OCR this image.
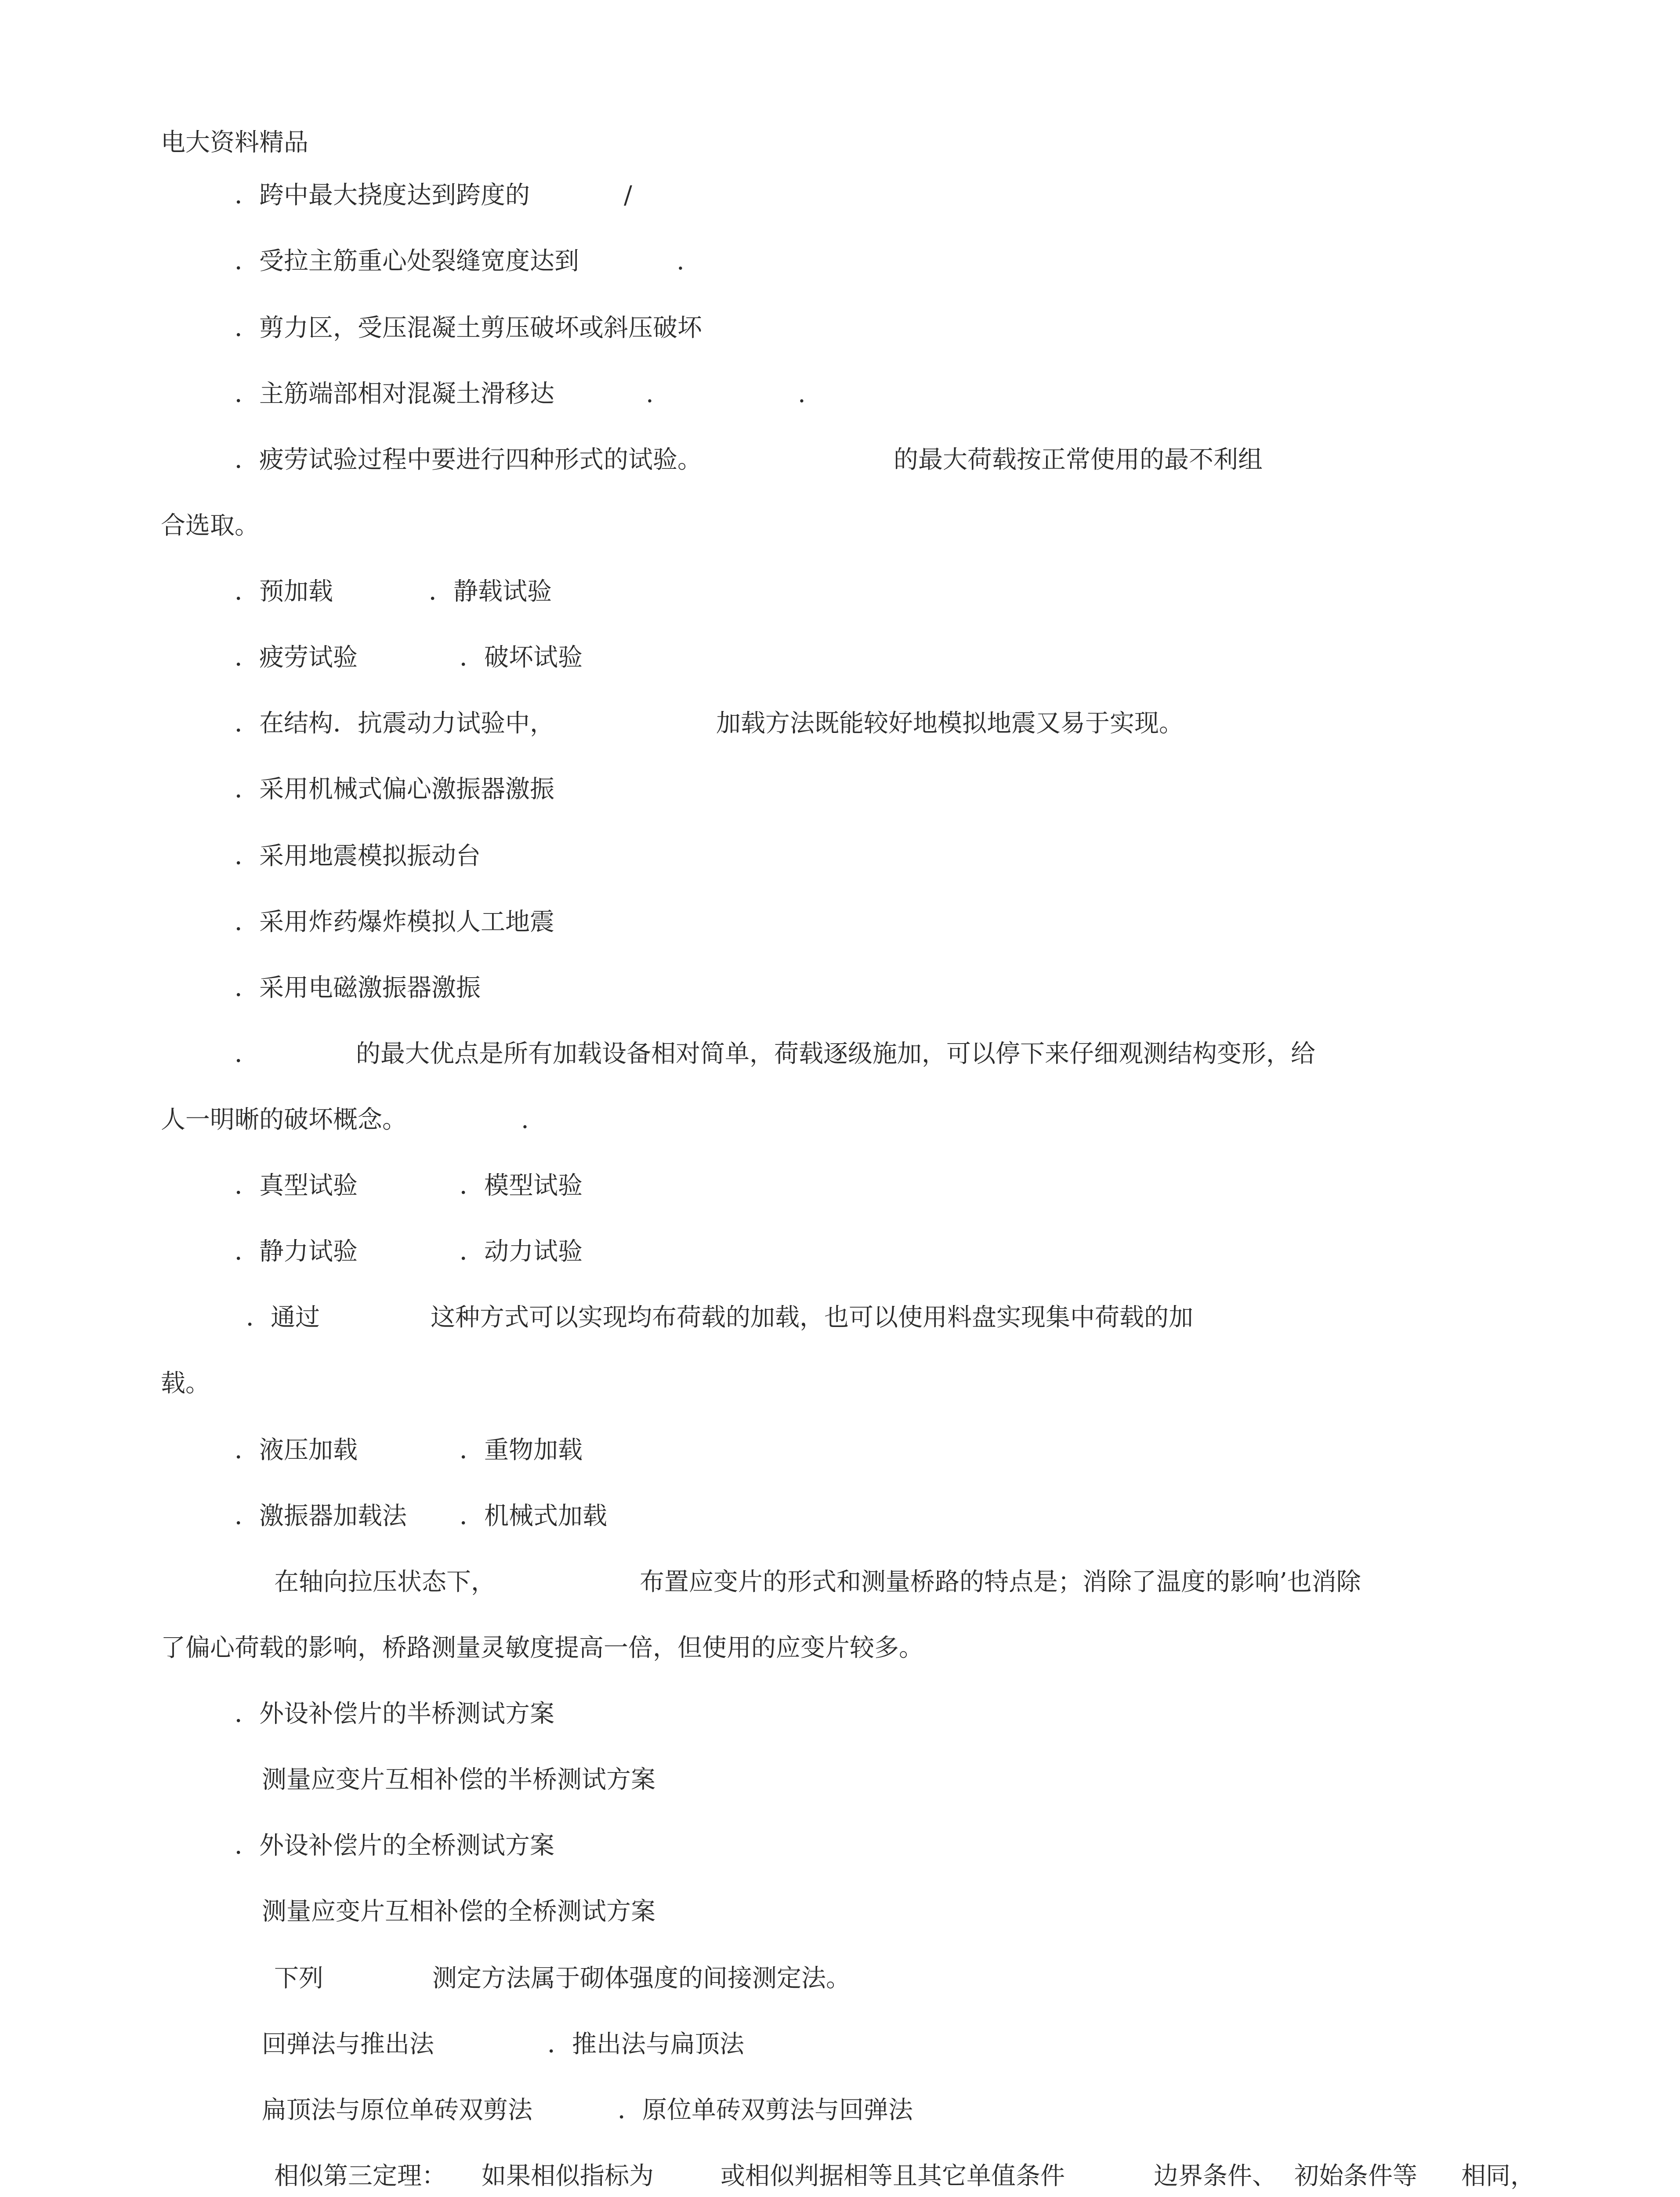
电大资料精品
．跨中最大挠度达到跨度的	/
．受拉主筋重心处裂缝宽度达到	.
．剪力区，受压混凝土剪压破坏或斜压破坏
．主筋端部相对混凝土滑移达	.	.
．疲劳试验过程中要进行四种形式的试验。	的最大荷载按正常使用的最不利组
合选取。
．预加载	．静载试验
．疲劳试验	．破坏试验
．在结构．抗震动力试验中，	加载方法既能较好地模拟地震又易于实现。
．采用机械式偏心激振器激振
．采用地震模拟振动台
．采用炸药爆炸模拟人工地震
．采用电磁激振器激振
．	的最大优点是所有加载设备相对简单，荷载逐级施加，可以停下来仔细观测结构变形，给
人一明晰的破坏概念。	.
．真型试验	．模型试验
．静力试验	．动力试验
．通过	这种方式可以实现均布荷载的加载，也可以使用料盘实现集中荷载的加
载。
．液压加载	．重物加载
．激振器加载法 ．机械式加载
在轴向拉压状态下，	布置应变片的形式和测量桥路的特点是；消除了温度的影响’也消除
了偏心荷载的影响，桥路测量灵敏度提高一倍，但使用的应变片较多。
．外设补偿片的半桥测试方案
测量应变片互相补偿的半桥测试方案
．外设补偿片的全桥测试方案
测量应变片互相补偿的全桥测试方案
下列	测定方法属于砌体强度的间接测定法。
回弹法与推出法	．推出法与扁顶法
扁顶法与原位单砖双剪法	．原位单砖双剪法与回弹法
相似第三定理： 如果相似指标为	或相似判据相等且其它单值条件	边界条件、 初始条件等 相同，
